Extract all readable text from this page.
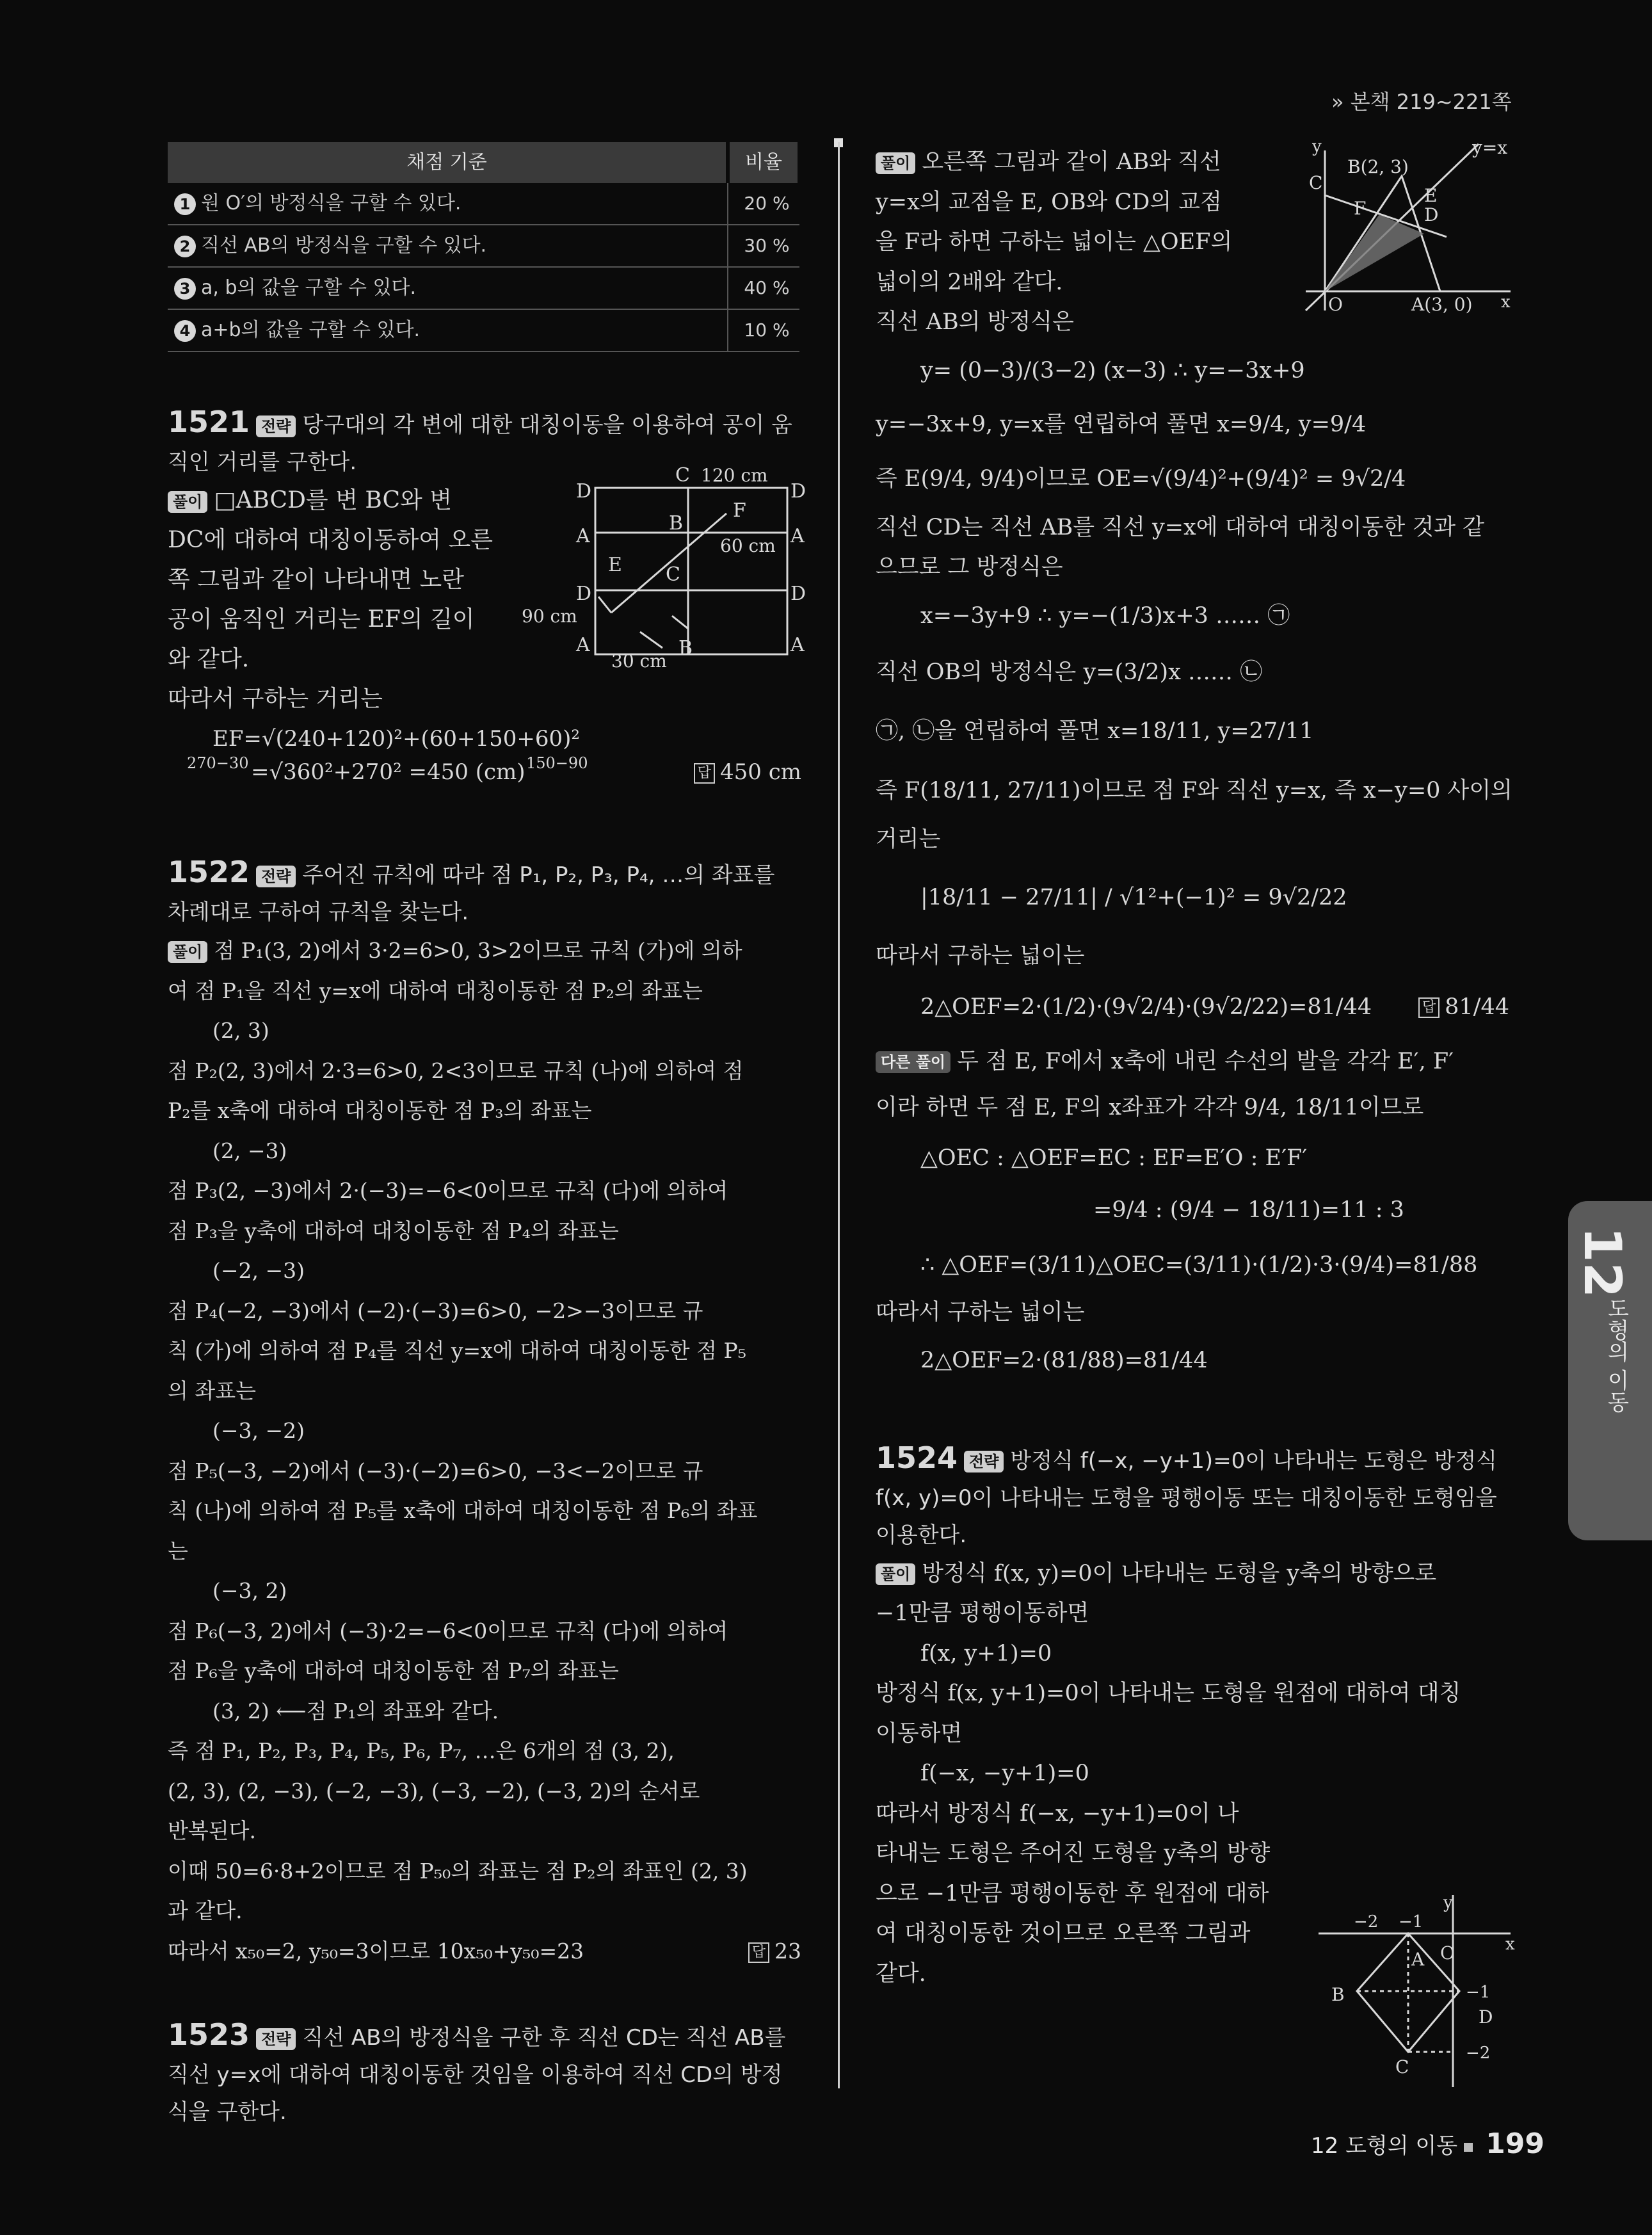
» 본책 219~221쪽
채점 기준	비율
1 원 O′의 방정식을 구할 수 있다.	20 %
2 직선 AB의 방정식을 구할 수 있다.	30 %
3 a, b의 값을 구할 수 있다.	40 %
4 a+b의 값을 구할 수 있다.	10 %
1521 전략 당구대의 각 변에 대한 대칭이동을 이용하여 공이 움직인 거리를 구한다.
풀이 □ABCD를 변 BC와 변
DC에 대하여 대칭이동하여 오른
쪽 그림과 같이 나타내면 노란
공이 움직인 거리는 EF의 길이
와 같다.
따라서 구하는 거리는
EF=√(240+120)²+(60+150+60)²
270−30	150−90
=√360²+270² =450 (cm)	답 450 cm
1522 전략 주어진 규칙에 따라 점 P₁, P₂, P₃, P₄, …의 좌표를 차례대로 구하여 규칙을 찾는다.
풀이 점 P₁(3, 2)에서 3·2=6>0, 3>2이므로 규칙 (가)에 의하
여 점 P₁을 직선 y=x에 대하여 대칭이동한 점 P₂의 좌표는
(2, 3)
점 P₂(2, 3)에서 2·3=6>0, 2<3이므로 규칙 (나)에 의하여 점
P₂를 x축에 대하여 대칭이동한 점 P₃의 좌표는
(2, −3)
점 P₃(2, −3)에서 2·(−3)=−6<0이므로 규칙 (다)에 의하여
점 P₃을 y축에 대하여 대칭이동한 점 P₄의 좌표는
(−2, −3)
점 P₄(−2, −3)에서 (−2)·(−3)=6>0, −2>−3이므로 규
칙 (가)에 의하여 점 P₄를 직선 y=x에 대하여 대칭이동한 점 P₅
의 좌표는
(−3, −2)
점 P₅(−3, −2)에서 (−3)·(−2)=6>0, −3<−2이므로 규
칙 (나)에 의하여 점 P₅를 x축에 대하여 대칭이동한 점 P₆의 좌표
는
(−3, 2)
점 P₆(−3, 2)에서 (−3)·2=−6<0이므로 규칙 (다)에 의하여
점 P₆을 y축에 대하여 대칭이동한 점 P₇의 좌표는
(3, 2) ⟵점 P₁의 좌표와 같다.
즉 점 P₁, P₂, P₃, P₄, P₅, P₆, P₇, …은 6개의 점 (3, 2),
(2, 3), (2, −3), (−2, −3), (−3, −2), (−3, 2)의 순서로
반복된다.
이때 50=6·8+2이므로 점 P₅₀의 좌표는 점 P₂의 좌표인 (2, 3)
과 같다.
따라서 x₅₀=2, y₅₀=3이므로 10x₅₀+y₅₀=23	답 23
1523 전략 직선 AB의 방정식을 구한 후 직선 CD는 직선 AB를 직선 y=x에 대하여 대칭이동한 것임을 이용하여 직선 CD의 방정식을 구한다.
D
A
D
A
C
D
A
D
A
B
F
E C
B
120 cm
60 cm
90 cm
30 cm
풀이 오른쪽 그림과 같이 AB와 직선
y=x의 교점을 E, OB와 CD의 교점
을 F라 하면 구하는 넓이는 △OEF의
넓이의 2배와 같다.
직선 AB의 방정식은
y= (0−3)/(3−2) (x−3) ∴ y=−3x+9
y=−3x+9, y=x를 연립하여 풀면 x=9/4, y=9/4
즉 E(9/4, 9/4)이므로 OE=√(9/4)²+(9/4)² = 9√2/4
직선 CD는 직선 AB를 직선 y=x에 대하여 대칭이동한 것과 같
으므로 그 방정식은
x=−3y+9 ∴ y=−(1/3)x+3 …… ㉠
직선 OB의 방정식은 y=(3/2)x …… ㉡
㉠, ㉡을 연립하여 풀면 x=18/11, y=27/11
즉 F(18/11, 27/11)이므로 점 F와 직선 y=x, 즉 x−y=0 사이의
거리는
|18/11 − 27/11| / √1²+(−1)² = 9√2/22
따라서 구하는 넓이는
2△OEF=2·(1/2)·(9√2/4)·(9√2/22)=81/44	답 81/44
다른 풀이 두 점 E, F에서 x축에 내린 수선의 발을 각각 E′, F′
이라 하면 두 점 E, F의 x좌표가 각각 9/4, 18/11이므로
△OEC : △OEF=EC : EF=E′O : E′F′
=9/4 : (9/4 − 18/11)=11 : 3
∴ △OEF=(3/11)△OEC=(3/11)·(1/2)·3·(9/4)=81/88
따라서 구하는 넓이는
2△OEF=2·(81/88)=81/44
1524 전략 방정식 f(−x, −y+1)=0이 나타내는 도형은 방정식 f(x, y)=0이 나타내는 도형을 평행이동 또는 대칭이동한 도형임을 이용한다.
풀이 방정식 f(x, y)=0이 나타내는 도형을 y축의 방향으로
−1만큼 평행이동하면
f(x, y+1)=0
방정식 f(x, y+1)=0이 나타내는 도형을 원점에 대하여 대칭
이동하면
f(−x, −y+1)=0
따라서 방정식 f(−x, −y+1)=0이 나
타내는 도형은 주어진 도형을 y축의 방향
으로 −1만큼 평행이동한 후 원점에 대하
여 대칭이동한 것이므로 오른쪽 그림과
같다.
y	y=x
B(2, 3)
C
F
E
D
O	A(3, 0) x
−2 −1
O
A
B
C
D
−1
−2
x
y
12
도형의 이동
12 도형의 이동 199
